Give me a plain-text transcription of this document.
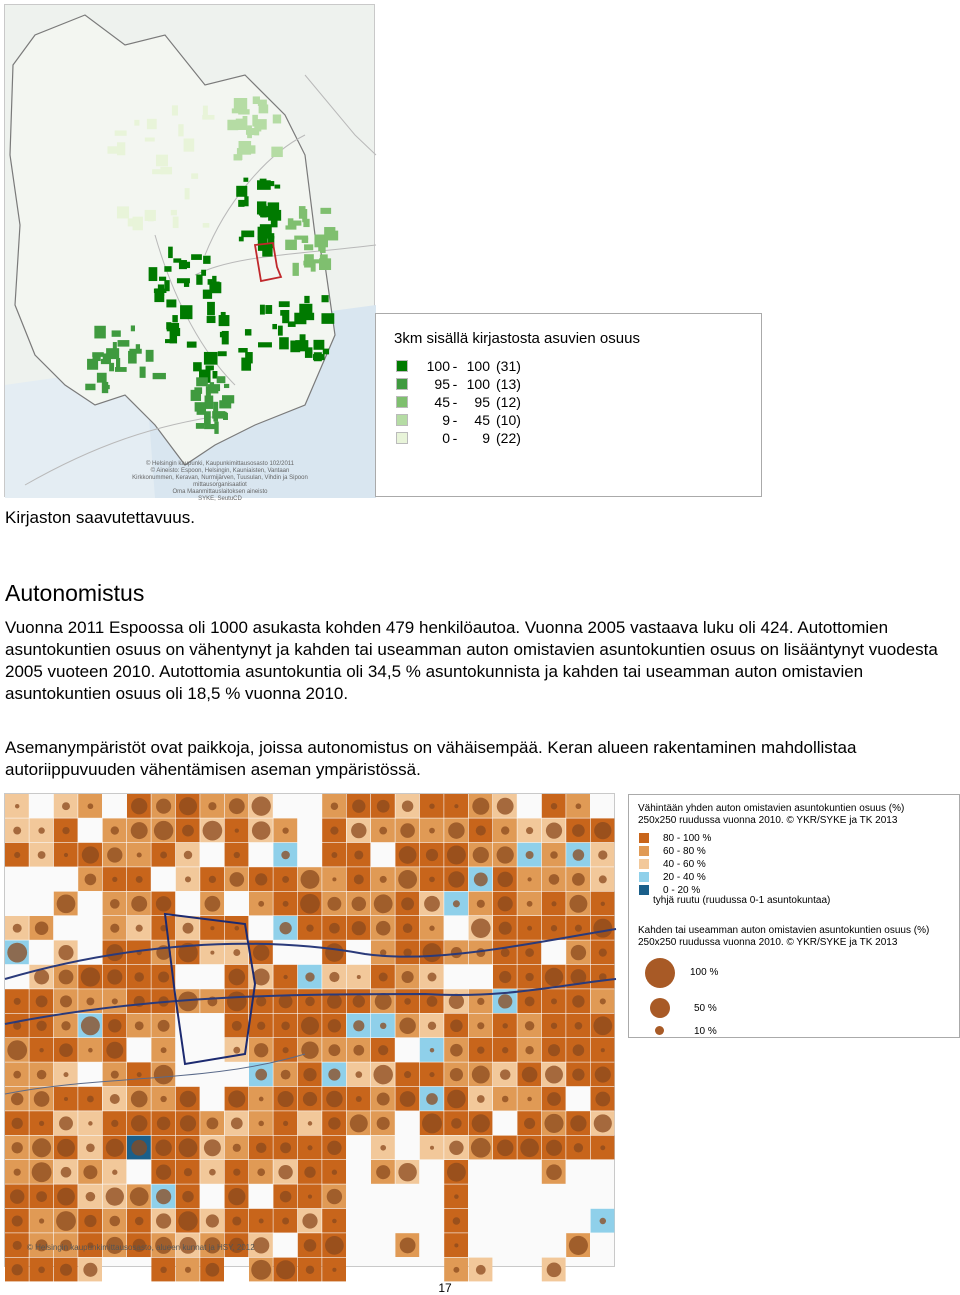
© Helsingin kaupunki, Kaupunkimittausosasto 102/2011
© Aineisto: Espoon, Helsingin, Kauniaisten, Vantaan
Kirkkonummen, Keravan, Nurmijärven, Tuusulan, Vihdin ja Sipoon mittausorganisaatiot
Oma Maanmittauslaitoksen aineisto
SYKE, SeutuCD
3km sisällä kirjastosta asuvien osuus
100 - 100 (31)
95 - 100 (13)
45 -	95 (12)
9 -	45 (10)
0 -	9 (22)
Kirjaston saavutettavuus.
Autonomistus
Vuonna 2011 Espoossa oli 1000 asukasta kohden 479 henkilöautoa. Vuonna 2005 vastaava luku oli 424. Autottomien asuntokuntien osuus on vähentynyt ja kahden tai useamman auton omistavien asuntokuntien osuus on lisääntynyt vuodesta 2005 vuoteen 2010. Autottomia asuntokuntia oli 34,5 % asuntokunnista ja kahden tai useamman auton omistavien asuntokuntien osuus oli 18,5 % vuonna 2010.
Asemanympäristöt ovat paikkoja, joissa autonomistus on vähäisempää. Keran alueen rakentaminen mahdollistaa autoriippuvuuden vähentämisen aseman ympäristössä.
© Helsingin kaupunkimittausosasto, alueen kunnat ja HSY, 2012
Vähintään yhden auton omistavien asuntokuntien osuus (%)
250x250 ruudussa vuonna 2010. © YKR/SYKE ja TK 2013
80 - 100 %
60 - 80 %
40 - 60 %
20 - 40 %
0 - 20 %
tyhjä ruutu (ruudussa 0-1 asuntokuntaa)
Kahden tai useamman auton omistavien asuntokuntien osuus (%)
250x250 ruudussa vuonna 2010. © YKR/SYKE ja TK 2013
100 %
50 %
10 %
17
